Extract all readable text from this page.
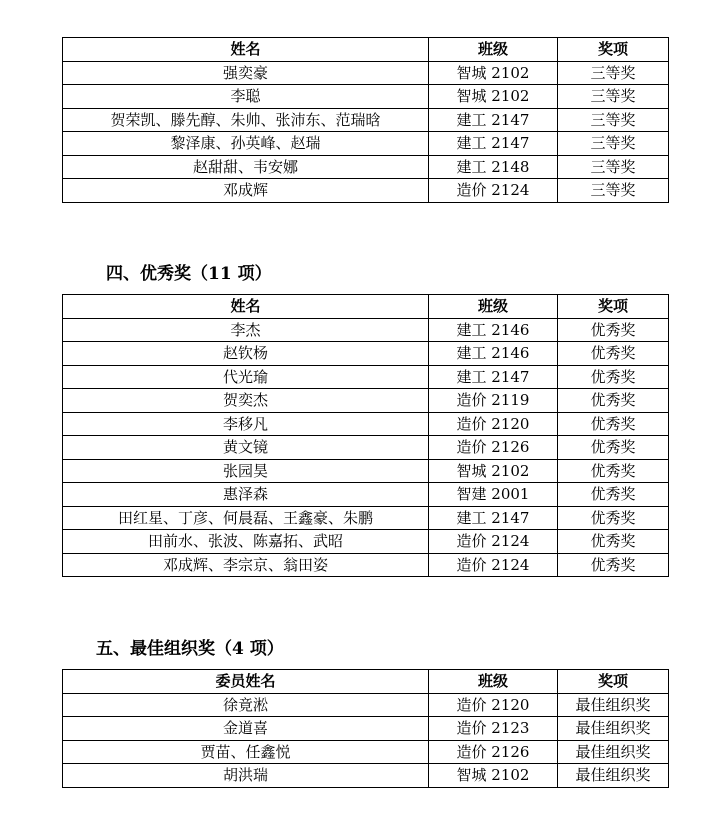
姓名	班级	奖项
强奕豪	智城 2102	三等奖
李聪	智城 2102	三等奖
贺荣凯、滕先醇、朱帅、张沛东、范瑞晗	建工 2147	三等奖
黎泽康、孙英峰、赵瑞	建工 2147	三等奖
赵甜甜、韦安娜	建工 2148	三等奖
邓成辉	造价 2124	三等奖
四、优秀奖（11 项）
姓名	班级	奖项
李杰	建工 2146	优秀奖
赵钦杨	建工 2146	优秀奖
代光瑜	建工 2147	优秀奖
贺奕杰	造价 2119	优秀奖
李移凡	造价 2120	优秀奖
黄文镜	造价 2126	优秀奖
张园昊	智城 2102	优秀奖
惠泽森	智建 2001	优秀奖
田红星、丁彦、何晨磊、王鑫豪、朱鹏	建工 2147	优秀奖
田前水、张波、陈嘉拓、武昭	造价 2124	优秀奖
邓成辉、李宗京、翁田姿	造价 2124	优秀奖
五、最佳组织奖（4 项）
委员姓名	班级	奖项
徐竟淞	造价 2120	最佳组织奖
金道喜	造价 2123	最佳组织奖
贾苗、任鑫悦	造价 2126	最佳组织奖
胡洪瑞	智城 2102	最佳组织奖
